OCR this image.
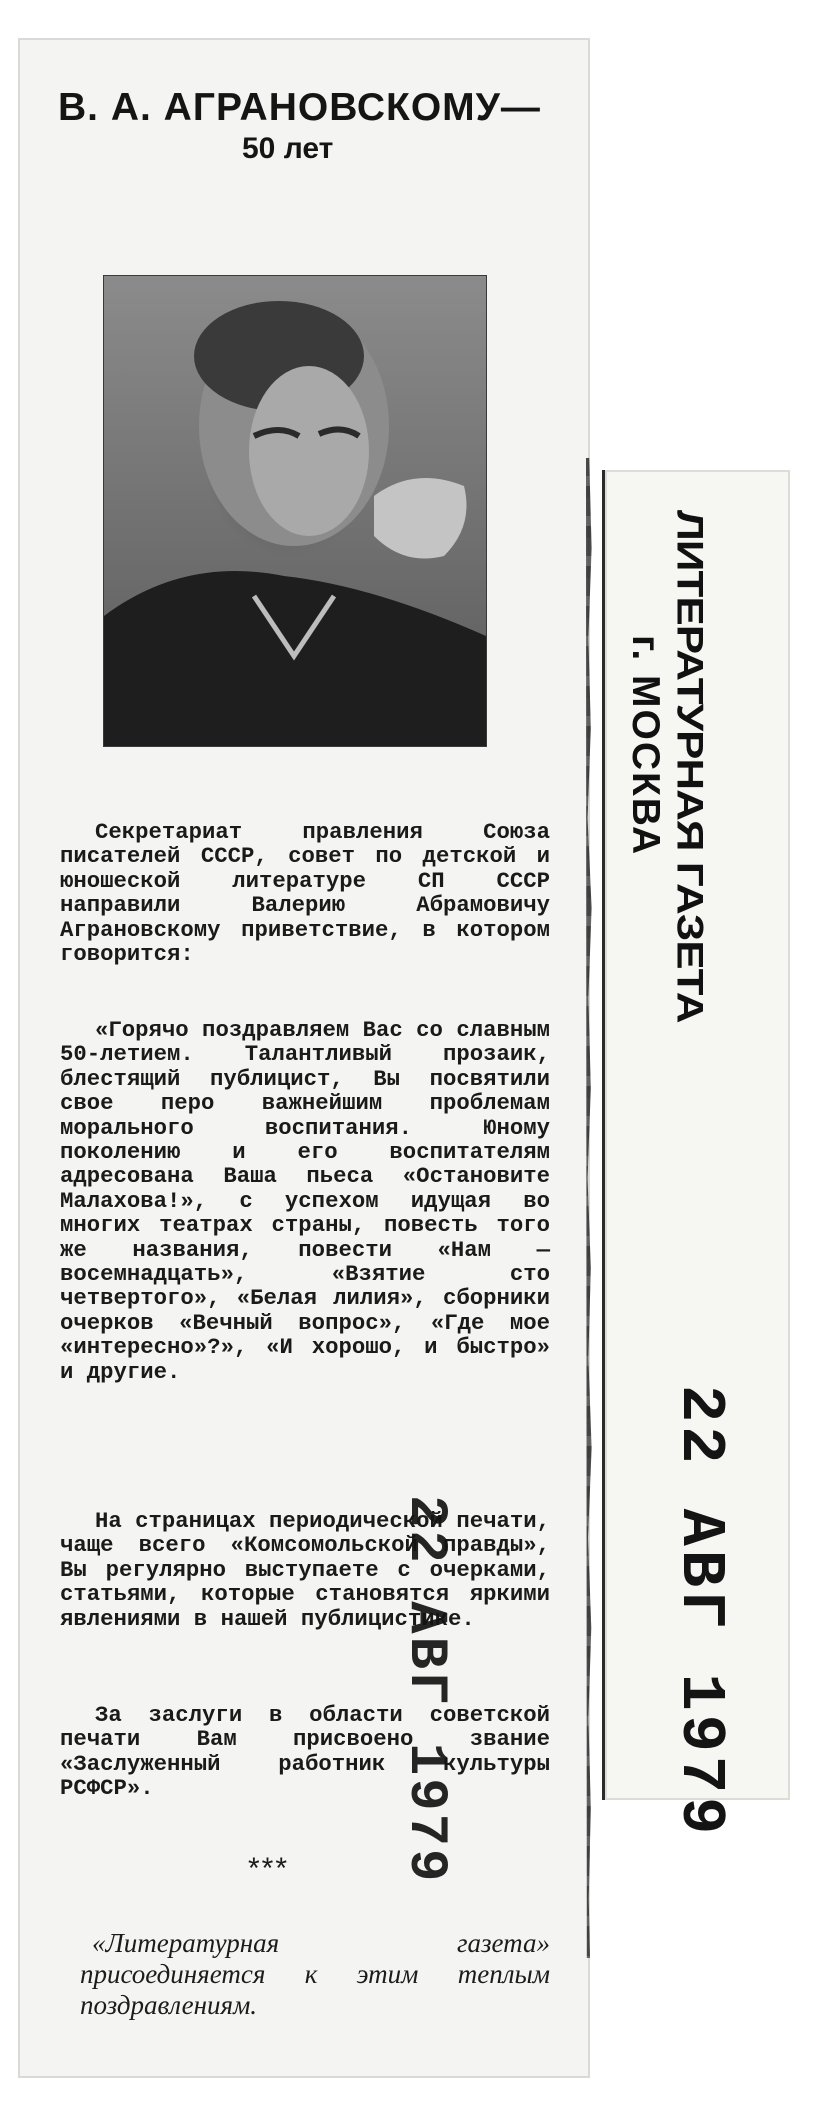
В. А. АГРАНОВСКОМУ—
50 лет

Секретариат правления Союза писателей СССР, совет по детской и юношеской литературе СП СССР направили Валерию Абрамовичу Аграновскому приветствие, в котором говорится:

«Горячо поздравляем Вас со славным 50-летием. Талантливый прозаик, блестящий публицист, Вы посвятили свое перо важнейшим проблемам морального воспитания. Юному поколению и его воспитателям адресована Ваша пьеса «Остановите Малахова!», с успехом идущая во многих театрах страны, повесть того же названия, повести «Нам — восемнадцать», «Взятие сто четвертого», «Белая лилия», сборники очерков «Вечный вопрос», «Где мое «интересно»?», «И хорошо, и быстро» и другие.

На страницах периодической печати, чаще всего «Комсомольской правды», Вы регулярно выступаете с очерками, статьями, которые становятся яркими явлениями в нашей публицистике.

За заслуги в области советской печати Вам присвоено звание «Заслуженный работник культуры РСФСР».

***

«Литературная газета» присоединяется к этим теплым поздравлениям.

ЛИТЕРАТУРНАЯ ГАЗЕТА
г. МОСКВА
22 АВГ 1979
22 АВГ 1979
